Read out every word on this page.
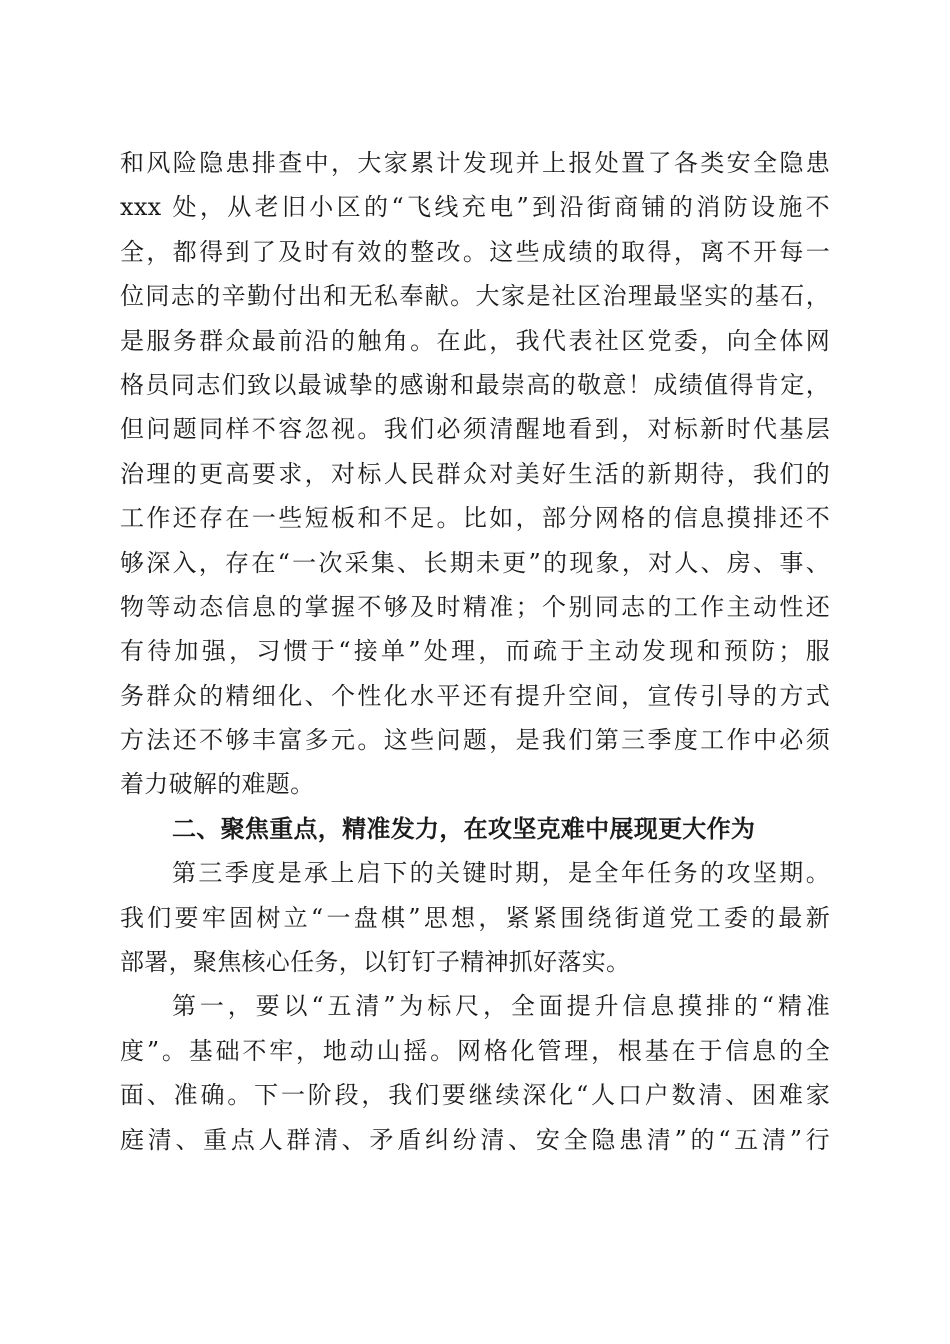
和风险隐患排查中，大家累计发现并上报处置了各类安全隐患
xxx 处，从老旧小区的“飞线充电”到沿街商铺的消防设施不
全，都得到了及时有效的整改。这些成绩的取得，离不开每一
位同志的辛勤付出和无私奉献。大家是社区治理最坚实的基石，
是服务群众最前沿的触角。在此，我代表社区党委，向全体网
格员同志们致以最诚挚的感谢和最崇高的敬意！成绩值得肯定，
但问题同样不容忽视。我们必须清醒地看到，对标新时代基层
治理的更高要求，对标人民群众对美好生活的新期待，我们的
工作还存在一些短板和不足。比如，部分网格的信息摸排还不
够深入，存在“一次采集、长期未更”的现象，对人、房、事、
物等动态信息的掌握不够及时精准；个别同志的工作主动性还
有待加强，习惯于“接单”处理，而疏于主动发现和预防；服
务群众的精细化、个性化水平还有提升空间，宣传引导的方式
方法还不够丰富多元。这些问题，是我们第三季度工作中必须
着力破解的难题。
二、聚焦重点，精准发力，在攻坚克难中展现更大作为
第三季度是承上启下的关键时期，是全年任务的攻坚期。
我们要牢固树立“一盘棋”思想，紧紧围绕街道党工委的最新
部署，聚焦核心任务，以钉钉子精神抓好落实。
第一，要以“五清”为标尺，全面提升信息摸排的“精准
度”。基础不牢，地动山摇。网格化管理，根基在于信息的全
面、准确。下一阶段，我们要继续深化“人口户数清、困难家
庭清、重点人群清、矛盾纠纷清、安全隐患清”的“五清”行
